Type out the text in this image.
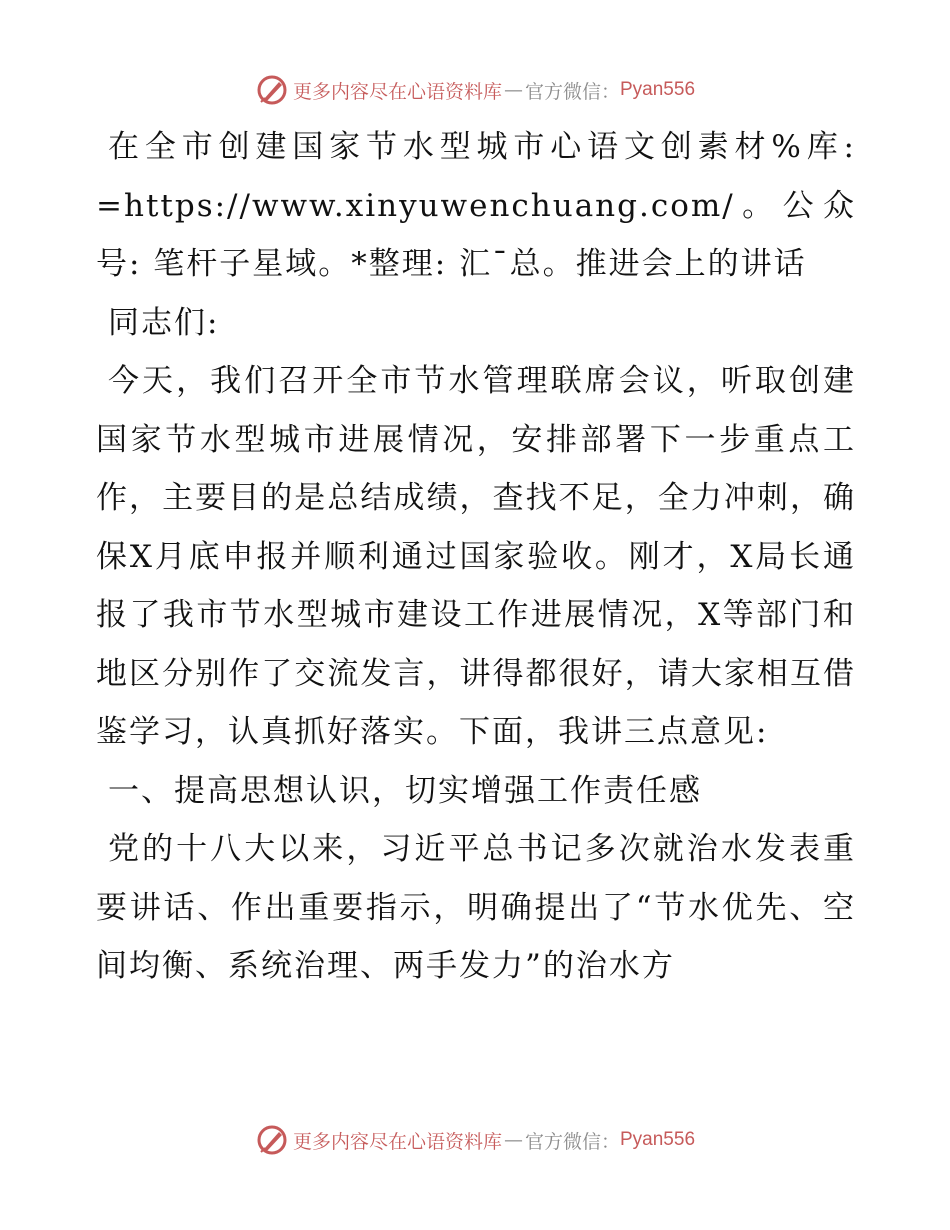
更多内容尽在心语资料库 — 官方微信： Pyan556

在全市创建国家节水型城市心语文创素材%库: =https://www.xinyuwenchuang.com/。公众号: 笔杆子星域。*整理: 汇¯总。推进会上的讲话

同志们:

今天，我们召开全市节水管理联席会议，听取创建国家节水型城市进展情况，安排部署下一步重点工作，主要目的是总结成绩，查找不足，全力冲刺，确保X月底申报并顺利通过国家验收。刚才，X局长通报了我市节水型城市建设工作进展情况，X等部门和地区分别作了交流发言，讲得都很好，请大家相互借鉴学习，认真抓好落实。下面，我讲三点意见:

一、提高思想认识，切实增强工作责任感

党的十八大以来，习近平总书记多次就治水发表重要讲话、作出重要指示，明确提出了“节水优先、空间均衡、系统治理、两手发力”的治水方

更多内容尽在心语资料库 — 官方微信： Pyan556
